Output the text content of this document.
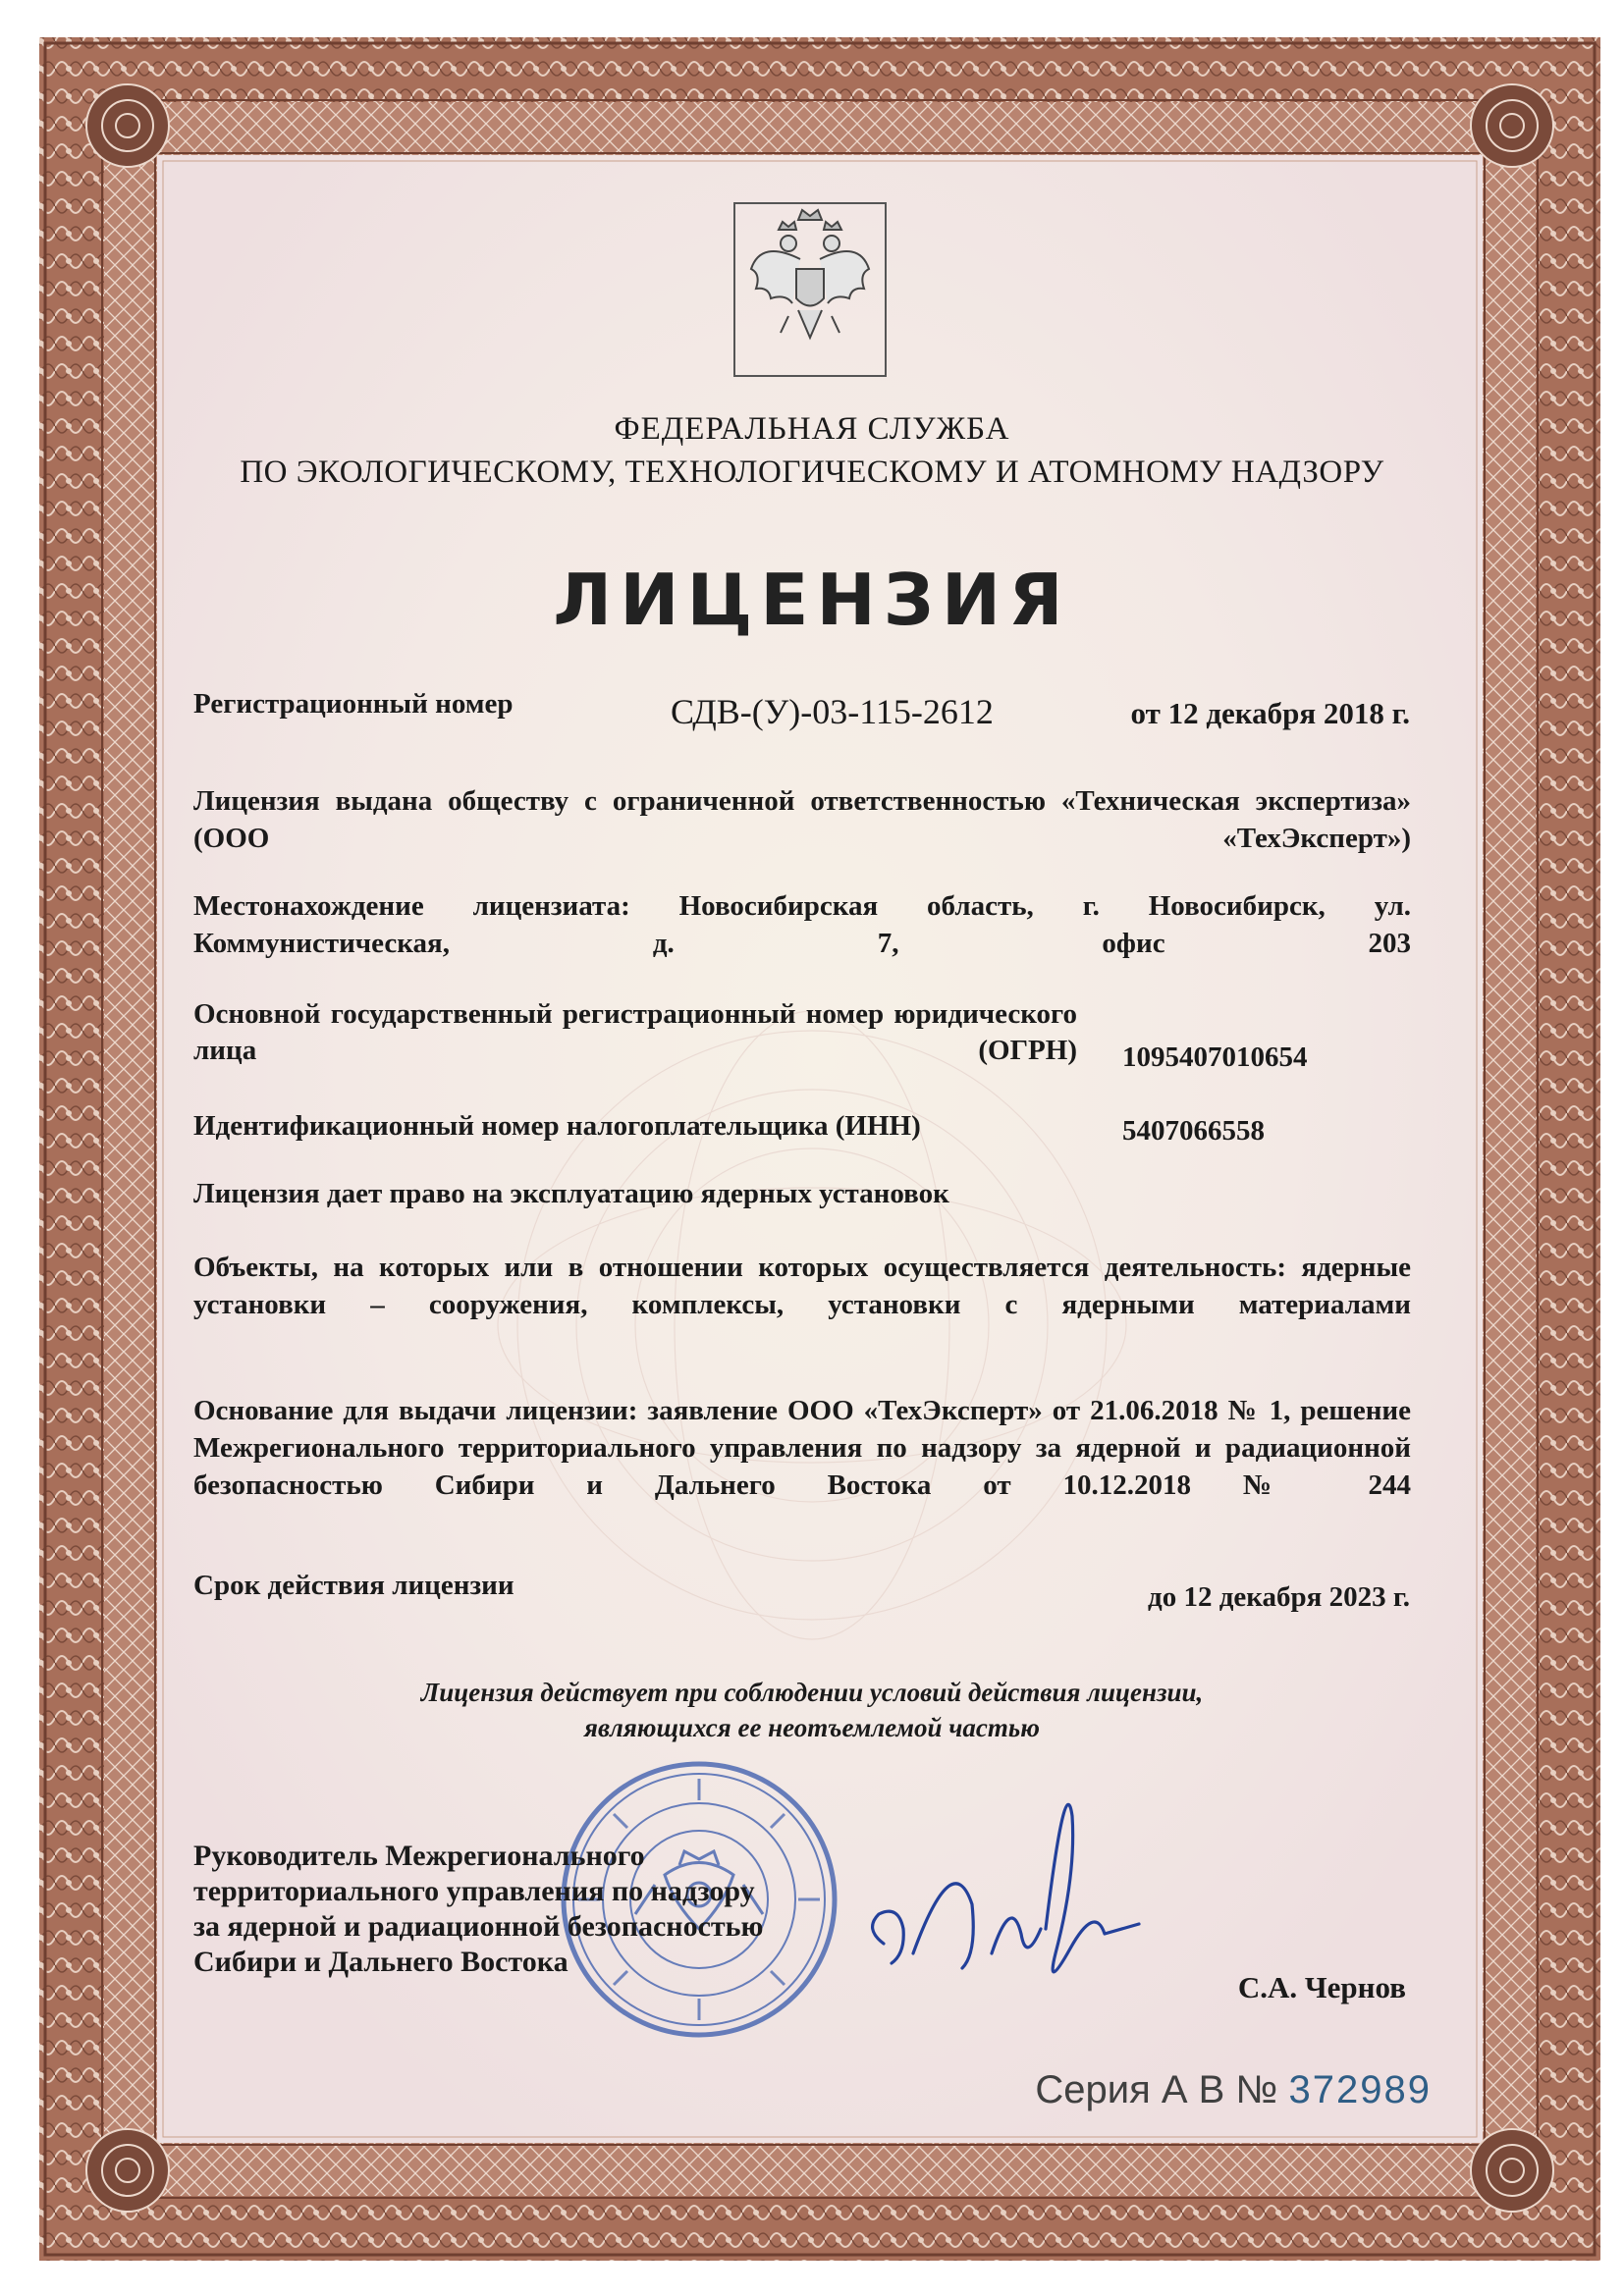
ФЕДЕРАЛЬНАЯ СЛУЖБА

ПО ЭКОЛОГИЧЕСКОМУ, ТЕХНОЛОГИЧЕСКОМУ И АТОМНОМУ НАДЗОРУ

ЛИЦЕНЗИЯ

Регистрационный номер	СДВ-(У)-03-115-2612	от 12 декабря 2018 г.

Лицензия выдана обществу с ограниченной ответственностью «Техническая экспертиза» (ООО «ТехЭксперт»)

Местонахождение лицензиата: Новосибирская область, г. Новосибирск, ул. Коммунистическая, д. 7, офис 203

Основной государственный регистрационный номер юридического лица (ОГРН) 1095407010654

Идентификационный номер налогоплательщика (ИНН)	5407066558

Лицензия дает право на эксплуатацию ядерных установок

Объекты, на которых или в отношении которых осуществляется деятельность: ядерные установки – сооружения, комплексы, установки с ядерными материалами

Основание для выдачи лицензии: заявление ООО «ТехЭксперт» от 21.06.2018 № 1, решение Межрегионального территориального управления по надзору за ядерной и радиационной безопасностью Сибири и Дальнего Востока от 10.12.2018 № 244

Срок действия лицензии	до 12 декабря 2023 г.

Лицензия действует при соблюдении условий действия лицензии,
являющихся ее неотъемлемой частью
Руководитель Межрегионального
территориального управления по надзору
за ядерной и радиационной безопасностью
Сибири и Дальнего Востока

С.А. Чернов

Серия А В № 372989
